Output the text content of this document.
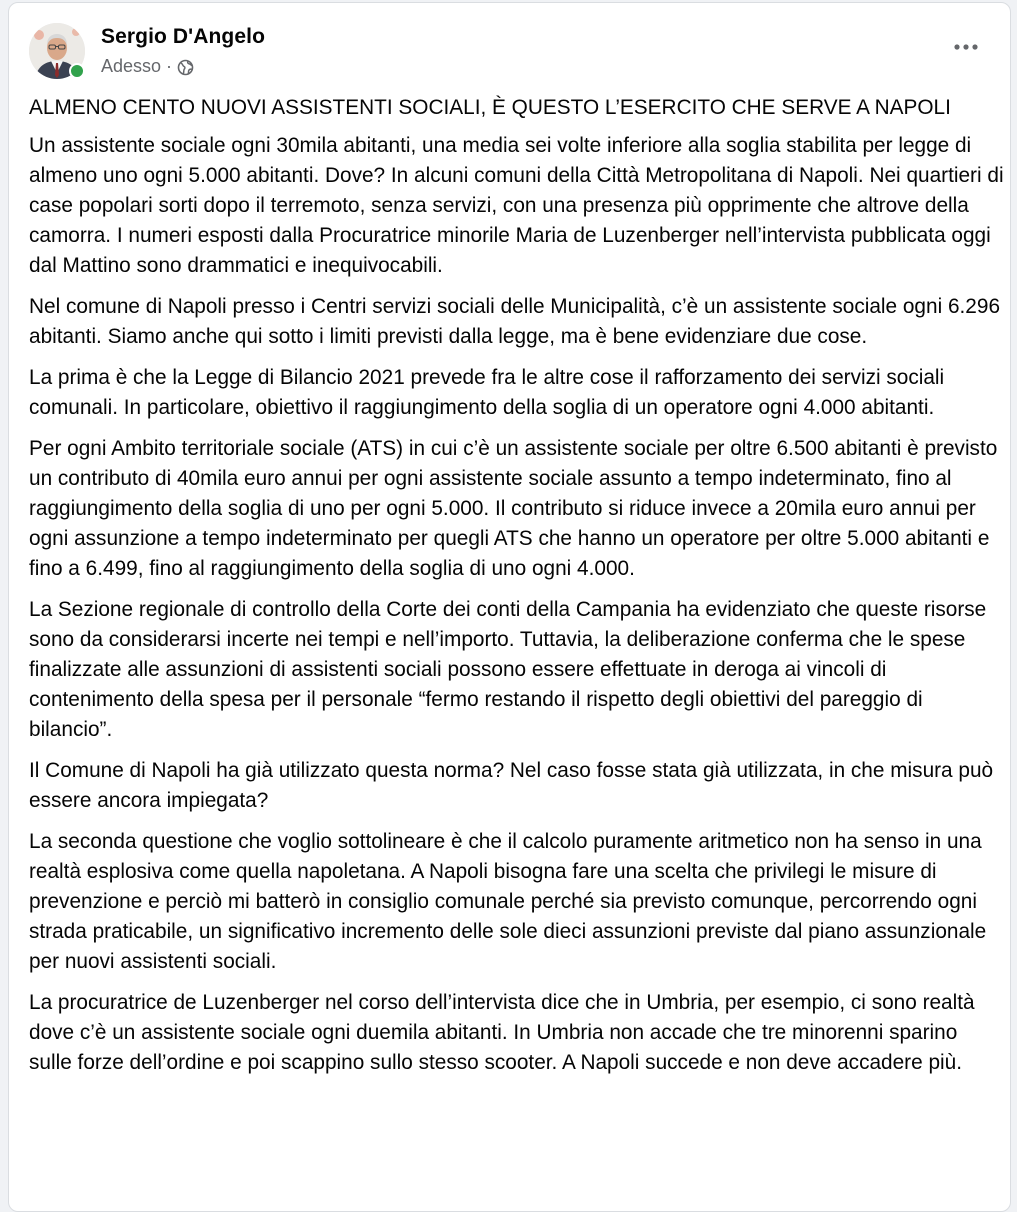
Sergio D'Angelo
Adesso ·

ALMENO CENTO NUOVI ASSISTENTI SOCIALI, È QUESTO L’ESERCITO CHE SERVE A NAPOLI

Un assistente sociale ogni 30mila abitanti, una media sei volte inferiore alla soglia stabilita per legge di almeno uno ogni 5.000 abitanti. Dove? In alcuni comuni della Città Metropolitana di Napoli. Nei quartieri di case popolari sorti dopo il terremoto, senza servizi, con una presenza più opprimente che altrove della camorra. I numeri esposti dalla Procuratrice minorile Maria de Luzenberger nell’intervista pubblicata oggi dal Mattino sono drammatici e inequivocabili.

Nel comune di Napoli presso i Centri servizi sociali delle Municipalità, c’è un assistente sociale ogni 6.296 abitanti. Siamo anche qui sotto i limiti previsti dalla legge, ma è bene evidenziare due cose.

La prima è che la Legge di Bilancio 2021 prevede fra le altre cose il rafforzamento dei servizi sociali comunali. In particolare, obiettivo il raggiungimento della soglia di un operatore ogni 4.000 abitanti.

Per ogni Ambito territoriale sociale (ATS) in cui c’è un assistente sociale per oltre 6.500 abitanti è previsto un contributo di 40mila euro annui per ogni assistente sociale assunto a tempo indeterminato, fino al raggiungimento della soglia di uno per ogni 5.000. Il contributo si riduce invece a 20mila euro annui per ogni assunzione a tempo indeterminato per quegli ATS che hanno un operatore per oltre 5.000 abitanti e fino a 6.499, fino al raggiungimento della soglia di uno ogni 4.000.

La Sezione regionale di controllo della Corte dei conti della Campania ha evidenziato che queste risorse sono da considerarsi incerte nei tempi e nell’importo. Tuttavia, la deliberazione conferma che le spese finalizzate alle assunzioni di assistenti sociali possono essere effettuate in deroga ai vincoli di contenimento della spesa per il personale “fermo restando il rispetto degli obiettivi del pareggio di bilancio”.

Il Comune di Napoli ha già utilizzato questa norma? Nel caso fosse stata già utilizzata, in che misura può essere ancora impiegata?

La seconda questione che voglio sottolineare è che il calcolo puramente aritmetico non ha senso in una realtà esplosiva come quella napoletana. A Napoli bisogna fare una scelta che privilegi le misure di prevenzione e perciò mi batterò in consiglio comunale perché sia previsto comunque, percorrendo ogni strada praticabile, un significativo incremento delle sole dieci assunzioni previste dal piano assunzionale per nuovi assistenti sociali.

La procuratrice de Luzenberger nel corso dell’intervista dice che in Umbria, per esempio, ci sono realtà dove c’è un assistente sociale ogni duemila abitanti. In Umbria non accade che tre minorenni sparino sulle forze dell’ordine e poi scappino sullo stesso scooter. A Napoli succede e non deve accadere più.
